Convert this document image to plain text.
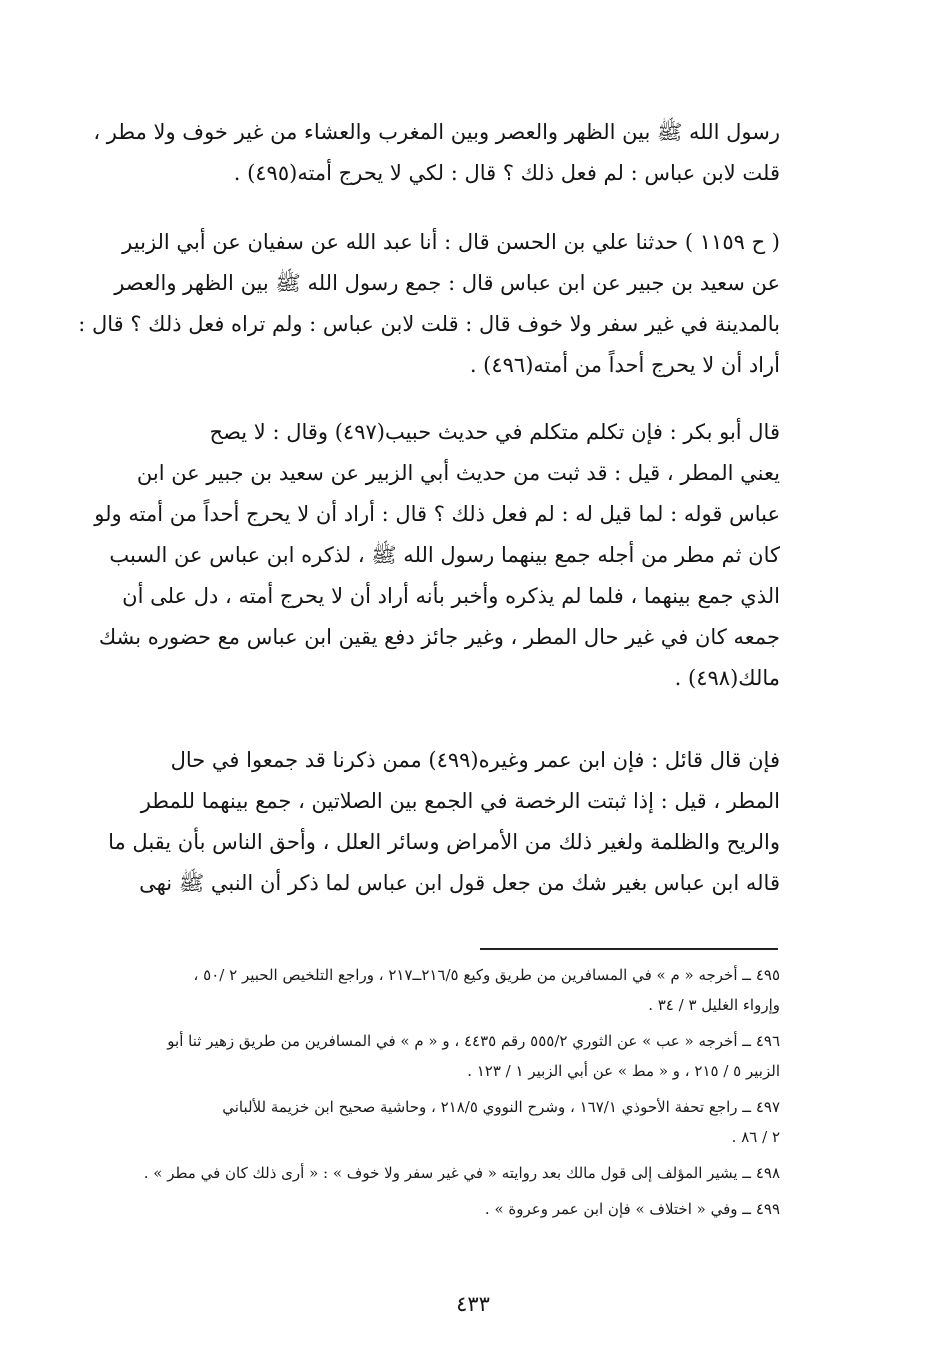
رسول الله ﷺ بين الظهر والعصر وبين المغرب والعشاء من غير خوف ولا مطر ،
قلت لابن عباس : لم فعل ذلك ؟ قال : لكي لا يحرج أمته(٤٩٥) .
( ح ١١٥٩ ) حدثنا علي بن الحسن قال : أنا عبد الله عن سفيان عن أبي الزبير
عن سعيد بن جبير عن ابن عباس قال : جمع رسول الله ﷺ بين الظهر والعصر
بالمدينة في غير سفر ولا خوف قال : قلت لابن عباس : ولم تراه فعل ذلك ؟ قال :
أراد أن لا يحرج أحداً من أمته(٤٩٦) .
قال أبو بكر : فإن تكلم متكلم في حديث حبيب(٤٩٧) وقال : لا يصح
يعني المطر ، قيل : قد ثبت من حديث أبي الزبير عن سعيد بن جبير عن ابن
عباس قوله : لما قيل له : لم فعل ذلك ؟ قال : أراد أن لا يحرج أحداً من أمته ولو
كان ثم مطر من أجله جمع بينهما رسول الله ﷺ ، لذكره ابن عباس عن السبب
الذي جمع بينهما ، فلما لم يذكره وأخبر بأنه أراد أن لا يحرج أمته ، دل على أن
جمعه كان في غير حال المطر ، وغير جائز دفع يقين ابن عباس مع حضوره بشك
مالك(٤٩٨) .
فإن قال قائل : فإن ابن عمر وغيره(٤٩٩) ممن ذكرنا قد جمعوا في حال
المطر ، قيل : إذا ثبتت الرخصة في الجمع بين الصلاتين ، جمع بينهما للمطر
والريح والظلمة ولغير ذلك من الأمراض وسائر العلل ، وأحق الناس بأن يقبل ما
قاله ابن عباس بغير شك من جعل قول ابن عباس لما ذكر أن النبي ﷺ نهى
٤٩٥ ــ أخرجه « م » في المسافرين من طريق وكيع ٢١٦/٥ــ٢١٧ ، وراجع التلخيص الحبير ٢ /٥٠ ،
وإرواء الغليل ٣ / ٣٤ .
٤٩٦ ــ أخرجه « عب » عن الثوري ٥٥٥/٢ رقم ٤٤٣٥ ، و « م » في المسافرين من طريق زهير ثنا أبو
الزبير ٥ / ٢١٥ ، و « مط » عن أبي الزبير ١ / ١٢٣ .
٤٩٧ ــ راجع تحفة الأحوذي ١٦٧/١ ، وشرح النووي ٢١٨/٥ ، وحاشية صحيح ابن خزيمة للألباني
٢ / ٨٦ .
٤٩٨ ــ يشير المؤلف إلى قول مالك بعد روايته « في غير سفر ولا خوف » : « أرى ذلك كان في مطر » .
٤٩٩ ــ وفي « اختلاف » فإن ابن عمر وعروة » .
٤٣٣
